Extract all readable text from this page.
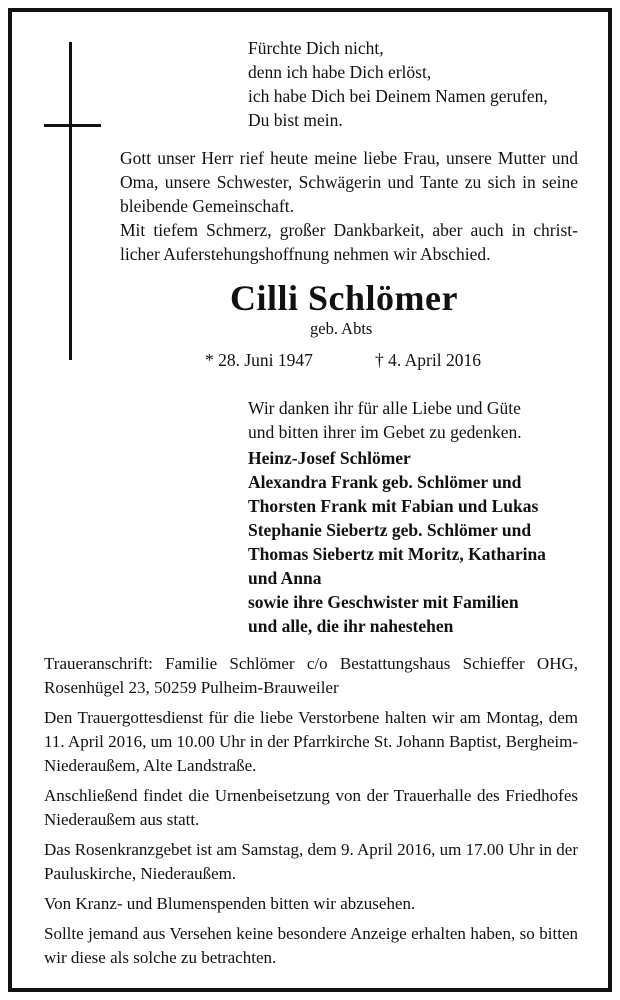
Fürchte Dich nicht,
denn ich habe Dich erlöst,
ich habe Dich bei Deinem Namen gerufen,
Du bist mein.

Gott unser Herr rief heute meine liebe Frau, unsere Mutter und Oma, unsere Schwester, Schwägerin und Tante zu sich in seine bleibende Gemeinschaft.

Mit tiefem Schmerz, großer Dankbarkeit, aber auch in christlicher Auferstehungshoffnung nehmen wir Abschied.

Cilli Schlömer
geb. Abts
* 28. Juni 1947	† 4. April 2016
Wir danken ihr für alle Liebe und Güte
und bitten ihrer im Gebet zu gedenken.
Heinz-Josef Schlömer
Alexandra Frank geb. Schlömer und
Thorsten Frank mit Fabian und Lukas
Stephanie Siebertz geb. Schlömer und
Thomas Siebertz mit Moritz, Katharina
und Anna
sowie ihre Geschwister mit Familien
und alle, die ihr nahestehen

Traueranschrift: Familie Schlömer c/o Bestattungshaus Schieffer OHG, Rosenhügel 23, 50259 Pulheim-Brauweiler

Den Trauergottesdienst für die liebe Verstorbene halten wir am Montag, dem 11. April 2016, um 10.00 Uhr in der Pfarrkirche St. Johann Baptist, Bergheim-Niederaußem, Alte Landstraße.

Anschließend findet die Urnenbeisetzung von der Trauerhalle des Friedhofes Niederaußem aus statt.

Das Rosenkranzgebet ist am Samstag, dem 9. April 2016, um 17.00 Uhr in der Pauluskirche, Niederaußem.

Von Kranz- und Blumenspenden bitten wir abzusehen.

Sollte jemand aus Versehen keine besondere Anzeige erhalten haben, so bitten wir diese als solche zu betrachten.
